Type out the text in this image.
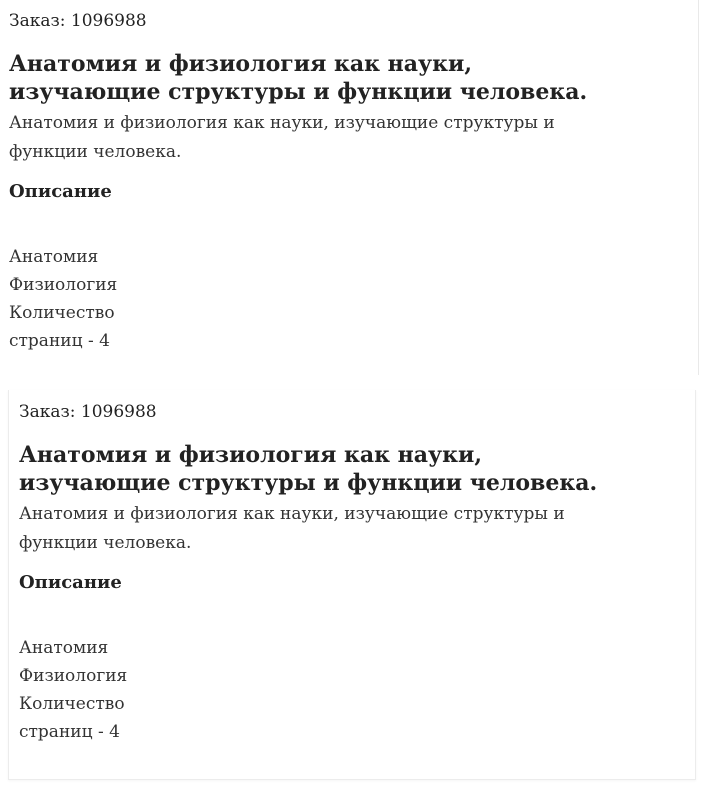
Заказ: 1096988

Анатомия и физиология как науки, изучающие структуры и функции человека.

Анатомия и физиология как науки, изучающие структуры и функции человека.

Описание
Анатомия
Физиология
Количество
страниц - 4

Заказ: 1096988

Анатомия и физиология как науки, изучающие структуры и функции человека.

Анатомия и физиология как науки, изучающие структуры и функции человека.

Описание
Анатомия
Физиология
Количество
страниц - 4
